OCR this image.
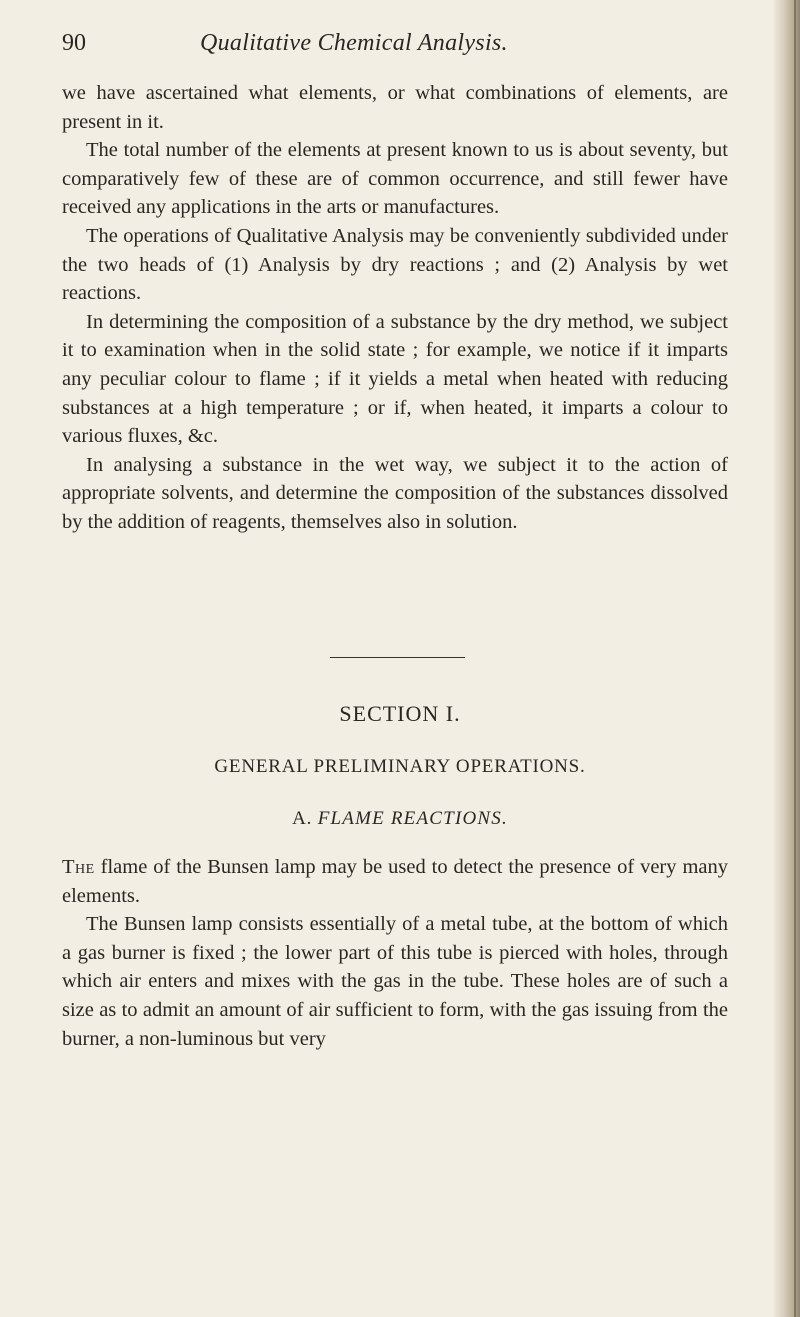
90	Qualitative Chemical Analysis.

we have ascertained what elements, or what combinations of elements, are present in it.

The total number of the elements at present known to us is about seventy, but comparatively few of these are of common occurrence, and still fewer have received any applications in the arts or manufactures.

The operations of Qualitative Analysis may be conveniently subdivided under the two heads of (1) Analysis by dry reactions ; and (2) Analysis by wet reactions.

In determining the composition of a substance by the dry method, we subject it to examination when in the solid state ; for example, we notice if it imparts any peculiar colour to flame ; if it yields a metal when heated with reducing substances at a high temperature ; or if, when heated, it imparts a colour to various fluxes, &c.

In analysing a substance in the wet way, we subject it to the action of appropriate solvents, and determine the composition of the substances dissolved by the addition of reagents, themselves also in solution.

SECTION I.
GENERAL PRELIMINARY OPERATIONS.
A. FLAME REACTIONS.

The flame of the Bunsen lamp may be used to detect the presence of very many elements.

The Bunsen lamp consists essentially of a metal tube, at the bottom of which a gas burner is fixed ; the lower part of this tube is pierced with holes, through which air enters and mixes with the gas in the tube. These holes are of such a size as to admit an amount of air sufficient to form, with the gas issuing from the burner, a non-luminous but very
